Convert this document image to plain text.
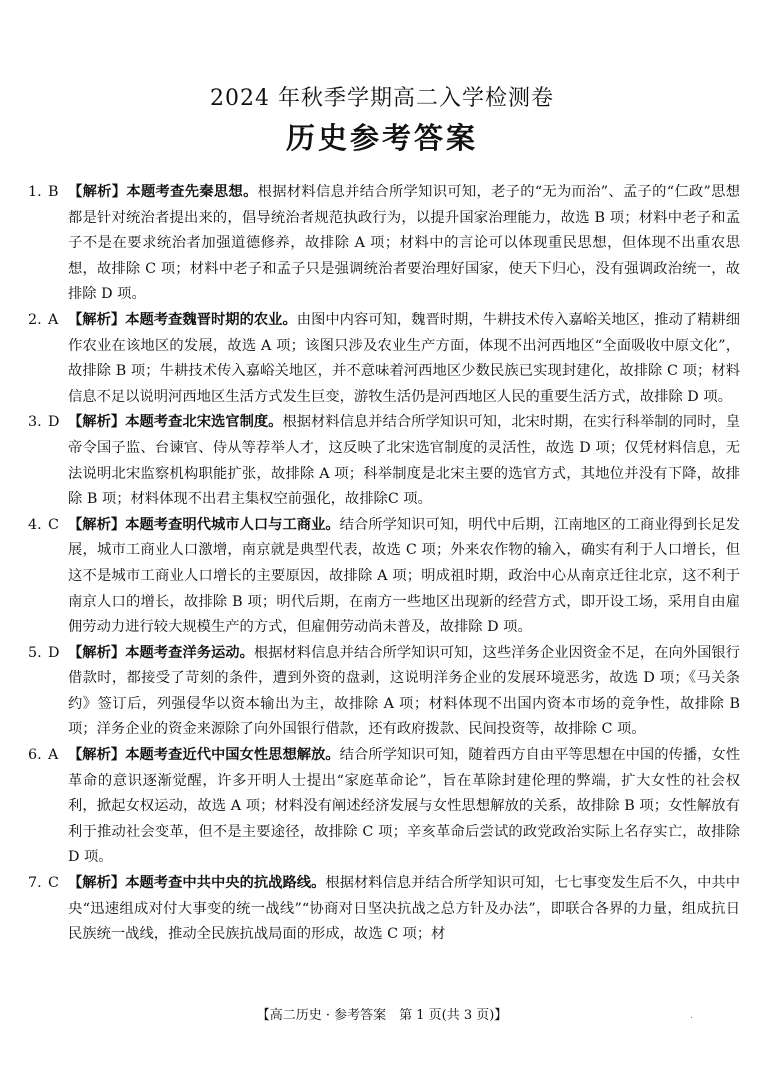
2024 年秋季学期高二入学检测卷
历史参考答案
1. B 【解析】本题考查先秦思想。根据材料信息并结合所学知识可知，老子的“无为而治”、孟子的“仁政”思想都是针对统治者提出来的，倡导统治者规范执政行为，以提升国家治理能力，故选 B 项；材料中老子和孟子不是在要求统治者加强道德修养，故排除 A 项；材料中的言论可以体现重民思想，但体现不出重农思想，故排除 C 项；材料中老子和孟子只是强调统治者要治理好国家，使天下归心，没有强调政治统一，故排除 D 项。
2. A 【解析】本题考查魏晋时期的农业。由图中内容可知，魏晋时期，牛耕技术传入嘉峪关地区，推动了精耕细作农业在该地区的发展，故选 A 项；该图只涉及农业生产方面，体现不出河西地区“全面吸收中原文化”，故排除 B 项；牛耕技术传入嘉峪关地区，并不意味着河西地区少数民族已实现封建化，故排除 C 项；材料信息不足以说明河西地区生活方式发生巨变，游牧生活仍是河西地区人民的重要生活方式，故排除 D 项。
3. D 【解析】本题考查北宋选官制度。根据材料信息并结合所学知识可知，北宋时期，在实行科举制的同时，皇帝令国子监、台谏官、侍从等荐举人才，这反映了北宋选官制度的灵活性，故选 D 项；仅凭材料信息，无法说明北宋监察机构职能扩张，故排除 A 项；科举制度是北宋主要的选官方式，其地位并没有下降，故排除 B 项；材料体现不出君主集权空前强化，故排除C 项。
4. C 【解析】本题考查明代城市人口与工商业。结合所学知识可知，明代中后期，江南地区的工商业得到长足发展，城市工商业人口激增，南京就是典型代表，故选 C 项；外来农作物的输入，确实有利于人口增长，但这不是城市工商业人口增长的主要原因，故排除 A 项；明成祖时期，政治中心从南京迁往北京，这不利于南京人口的增长，故排除 B 项；明代后期，在南方一些地区出现新的经营方式，即开设工场，采用自由雇佣劳动力进行较大规模生产的方式，但雇佣劳动尚未普及，故排除 D 项。
5. D 【解析】本题考查洋务运动。根据材料信息并结合所学知识可知，这些洋务企业因资金不足，在向外国银行借款时，都接受了苛刻的条件，遭到外资的盘剥，这说明洋务企业的发展环境恶劣，故选 D 项；《马关条约》签订后，列强侵华以资本输出为主，故排除 A 项；材料体现不出国内资本市场的竞争性，故排除 B 项；洋务企业的资金来源除了向外国银行借款，还有政府拨款、民间投资等，故排除 C 项。
6. A 【解析】本题考查近代中国女性思想解放。结合所学知识可知，随着西方自由平等思想在中国的传播，女性革命的意识逐渐觉醒，许多开明人士提出“家庭革命论”，旨在革除封建伦理的弊端，扩大女性的社会权利，掀起女权运动，故选 A 项；材料没有阐述经济发展与女性思想解放的关系，故排除 B 项；女性解放有利于推动社会变革，但不是主要途径，故排除 C 项；辛亥革命后尝试的政党政治实际上名存实亡，故排除 D 项。
7. C 【解析】本题考查中共中央的抗战路线。根据材料信息并结合所学知识可知，七七事变发生后不久，中共中央“迅速组成对付大事变的统一战线”“协商对日坚决抗战之总方针及办法”，即联合各界的力量，组成抗日民族统一战线，推动全民族抗战局面的形成，故选 C 项；材
【高二历史 · 参考答案　第 1 页(共 3 页)】	.
